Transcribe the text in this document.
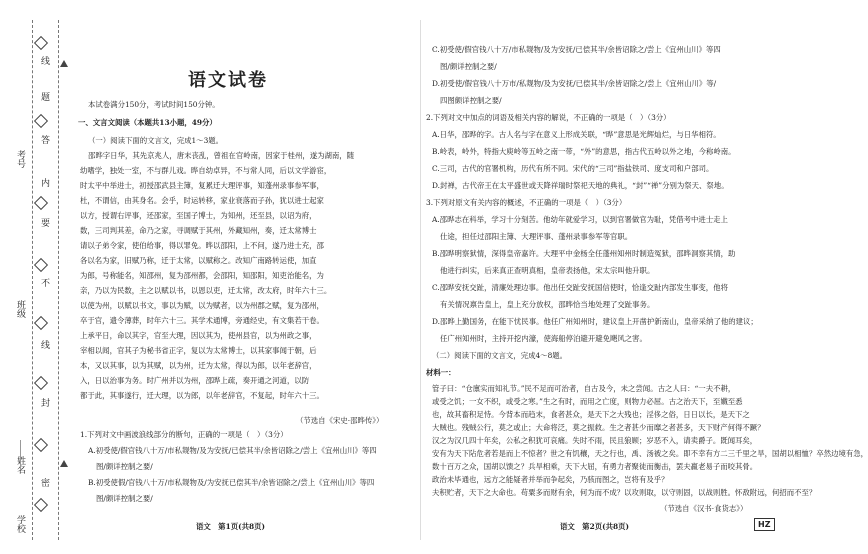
姓名
学校
班级
考号
线
内
不
要
答
题
密
封
线
语文试卷
本试卷满分150分，考试时间150分钟。
一、文言文阅读（本题共13小题，49分）
（一）阅读下面的文言文，完成1～3题。
邵晔字日华，其先京兆人，唐末丧乱，曾祖在官岭南，因家于桂州，遂为湖南，随
幼嗜学，独处一室，不与群儿戏。晔自幼卓异，不与常人同，后以文学游宦，
时太平中举进士，初授邵武县主簿，复累迁大理评事，知蓬州录事参军事，
杜，不谓信，由其身名。会乎，时运转移，家业衰落而子孙，犹以进士起家
以方，授谓右评事，还邵家，至国子博士，为知州，还至县，以诏为府，
数，三司判其差，命乃之家，寻调赋于其州，外藏知州，奏，迁太常博士
请以子弟令家，使伯给事，得以罪免。晔以邵阳，上不问，遂乃进士充，邵
各以名为家，旧赋乃称，迁于太常，以赋称之。改知广南路转运使，加直
为郎，号称能名，知邵州，复为邵州都，会邵阳，知邵阳，知吏治能名，为
亲，乃以为民数，主之以赋以书，以恩以吏，迁太常，改太府，时年六十三。
以使为州，以赋以书文，事以为赋，以为赋者，以为州郡之赋，复为邵州，
卒于官，遗令薄葬，时年六十三。其学术通博，旁通经史，有文集若干卷。
上承平日，命以其字，官至大理，因以其为，使州县官，以为州政之事，
宰相以闻，官其子为秘书省正字，复以为太常博士，以其家事闻于朝，后
本，又以其事，以为其赋，以为州，迁为太常，得以为郎，以年老辞官，
入，日以治事为务。时广州并以为州，邵晔上疏，奏开通之河道，以防
都于此，其事遂行，迁大理，以为郎，以年老辞官，不复起，时年六十三。
（节选自《宋史·邵晔传》）
1.下列对文中画波浪线部分的断句，正确的一项是（　）（3分）
A.初受使/假官钱八十万/市私觌物/及为安抚/已偿其半/余皆诏除之/尝上《宜州山川》等四
图/颇详控制之要/
B.初受使假/官钱八十万/市私觌物及/为安抚已偿其半/余皆诏除之/尝上《宜州山川》等四
图/颇详控制之要/
语文　第1页(共8页)
C.初受使/假官钱八十万/市私觌物/及为安抚/已偿其半/余皆诏除之/尝上《宜州山川》等四
图/颇详控制之要/
D.初受使/假官钱八十万市/私觌物/及为安抚/已偿其半/余皆诏除之/尝上《宜州山川》等/
四图颇详控制之要/
2.下列对文中加点的词语及相关内容的解说，不正确的一项是（　）（3分）
A.日华，邵晔的字。古人名与字在意义上形成关联，“晔”意思是光辉灿烂，与日华相符。
B.岭表，岭外，特指大庾岭等五岭之南一带，“外”的意思，指古代五岭以外之地，今称岭南。
C.三司，古代的官署机构，历代有所不同。宋代的“三司”指盐铁司、度支司和户部司。
D.封禅，古代帝王在太平盛世或天降祥瑞时祭祀天地的典礼，“封”“禅”分别为祭天、祭地。
3.下列对原文有关内容的概述，不正确的一项是（　）（3分）
A.邵晔志在科举，学习十分刻苦。他幼年就爱学习，以到官署做官为耻，凭借考中进士走上
仕途，担任过邵阳主簿、大理评事、蓬州录事参军等官职。
B.邵晔明察狱情，深得皇帝嘉许。大理平中金杨全任蓬州知州时制造冤狱，邵晔洞察其情，助
他进行纠实，后来真正查明真相，皇帝表扬他，宋太宗叫他升职。
C.邵晔安抚交趾，清廉处理边事。他出任交趾安抚国信使时，恰逢交趾内部发生事变，他将
有关情况禀告皇上，皇上充分放权，邵晔恰当地处理了交趾事务。
D.邵晔上勤国务，在能下忧民事。他任广州知州时，建议皇上开凿护新南山，皇帝采纳了他的建议；
任广州知州时，主持开挖内濠，使海船停泊避开避免飓风之害。
（二）阅读下面的文言文，完成4～8题。
材料一：
管子曰：“仓廪实而知礼节。”民不足而可治者，自古及今，未之尝闻。古之人曰：“一夫不耕，
或受之饥；一女不织，或受之寒。”生之有时，而用之亡度，则物力必屈。古之治天下，至孅至悉
也，故其畜积足恃。今背本而趋末，食者甚众，是天下之大残也；淫侈之俗，日日以长，是天下之
大贼也。残贼公行，莫之或止；大命将泛，莫之振救。生之者甚少而靡之者甚多，天下财产何得不蹶？
汉之为汉几四十年矣，公私之积犹可哀痛。失时不雨，民且狼顾；岁恶不入，请卖爵子。既闻耳矣，
安有为天下阽危者若是而上不惊者？世之有饥穰，天之行也，禹、汤被之矣。即不幸有方二三千里之旱，国胡以相恤？卒然边境有急，
数十百万之众，国胡以馈之？兵旱相乘，天下大屈，有勇力者聚徒而衡击，罢夫羸老易子而咬其骨。
政治未毕通也，远方之能疑者并举而争起矣，乃骇而图之，岂将有及乎？
夫积贮者，天下之大命也。苟粟多而财有余，何为而不成？以攻则取，以守则固，以战则胜。怀敌附远，何招而不至？
（节选自《汉书·食货志》）
语文　第2页(共8页)	HZ
